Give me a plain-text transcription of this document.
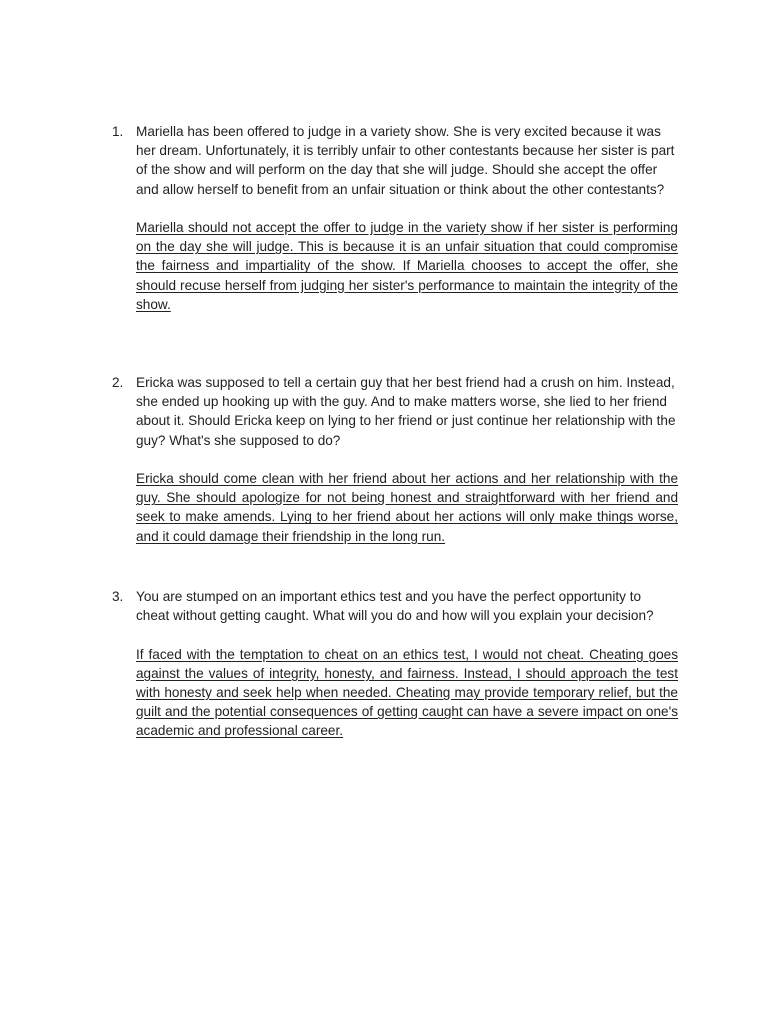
1. Mariella has been offered to judge in a variety show. She is very excited because it was her dream. Unfortunately, it is terribly unfair to other contestants because her sister is part of the show and will perform on the day that she will judge. Should she accept the offer and allow herself to benefit from an unfair situation or think about the other contestants?

Mariella should not accept the offer to judge in the variety show if her sister is performing on the day she will judge. This is because it is an unfair situation that could compromise the fairness and impartiality of the show. If Mariella chooses to accept the offer, she should recuse herself from judging her sister's performance to maintain the integrity of the show.

2. Ericka was supposed to tell a certain guy that her best friend had a crush on him. Instead, she ended up hooking up with the guy. And to make matters worse, she lied to her friend about it. Should Ericka keep on lying to her friend or just continue her relationship with the guy? What's she supposed to do?

Ericka should come clean with her friend about her actions and her relationship with the guy. She should apologize for not being honest and straightforward with her friend and seek to make amends. Lying to her friend about her actions will only make things worse, and it could damage their friendship in the long run.

3. You are stumped on an important ethics test and you have the perfect opportunity to cheat without getting caught. What will you do and how will you explain your decision?

If faced with the temptation to cheat on an ethics test, I would not cheat. Cheating goes against the values of integrity, honesty, and fairness. Instead, I should approach the test with honesty and seek help when needed. Cheating may provide temporary relief, but the guilt and the potential consequences of getting caught can have a severe impact on one's academic and professional career.
